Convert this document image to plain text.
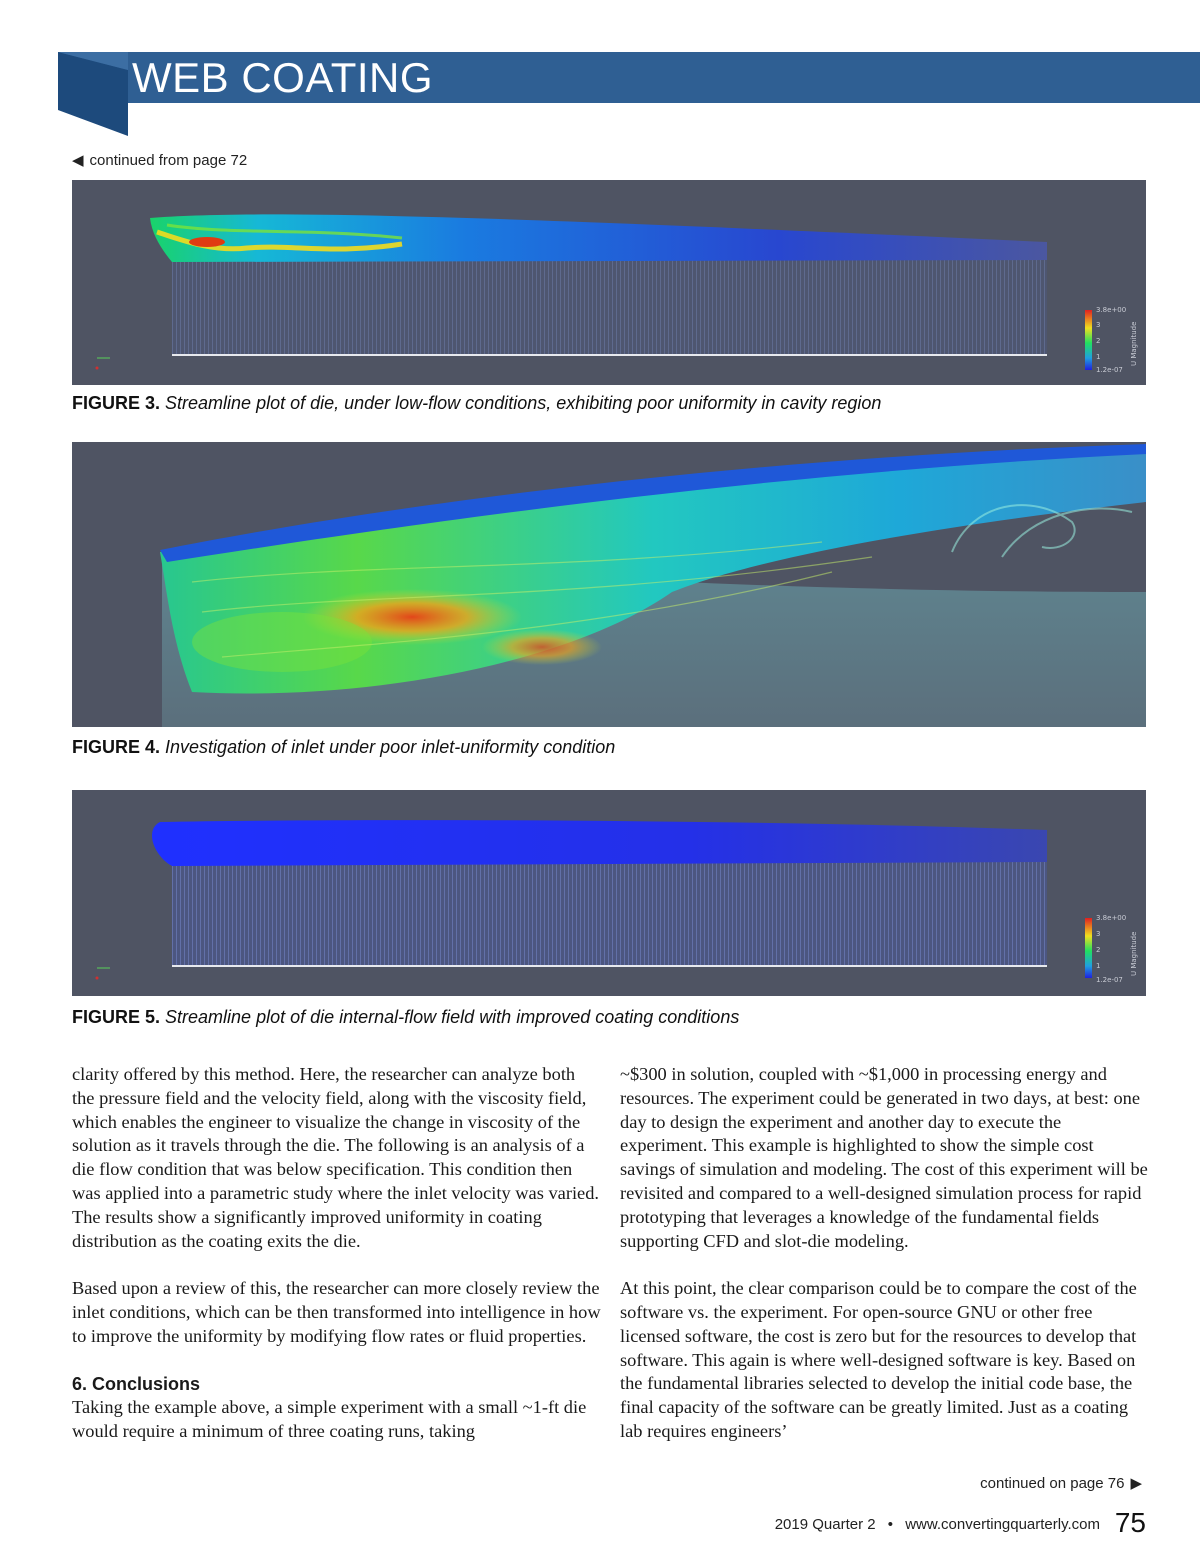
WEB COATING
◀ continued from page 72
3.8e+00
3
2
1
1.2e-07
U Magnitude
FIGURE 3. Streamline plot of die, under low-flow conditions, exhibiting poor uniformity in cavity region
FIGURE 4. Investigation of inlet under poor inlet-uniformity condition
3.8e+00
3
2
1
1.2e-07
U Magnitude
FIGURE 5. Streamline plot of die internal-flow field with improved coating conditions

clarity offered by this method. Here, the researcher can analyze both the pressure field and the velocity field, along with the viscosity field, which enables the engineer to visualize the change in viscosity of the solution as it travels through the die. The following is an analysis of a die flow condition that was below specification. This condition then was applied into a parametric study where the inlet velocity was varied. The results show a significantly improved uniformity in coating distribution as the coating exits the die.

Based upon a review of this, the researcher can more closely review the inlet conditions, which can be then transformed into intelligence in how to improve the uniformity by modifying flow rates or fluid properties.

6. Conclusions

Taking the example above, a simple experiment with a small ~1-ft die would require a minimum of three coating runs, taking

~$300 in solution, coupled with ~$1,000 in processing energy and resources. The experiment could be generated in two days, at best: one day to design the experiment and another day to execute the experiment. This example is highlighted to show the simple cost savings of simulation and modeling. The cost of this experiment will be revisited and compared to a well-designed simulation process for rapid prototyping that leverages a knowledge of the fundamental fields supporting CFD and slot-die modeling.

At this point, the clear comparison could be to compare the cost of the software vs. the experiment. For open-source GNU or other free licensed software, the cost is zero but for the resources to develop that software. This again is where well-designed software is key. Based on the fundamental libraries selected to develop the initial code base, the final capacity of the software can be greatly limited. Just as a coating lab requires engineers’

continued on page 76 ▶
2019 Quarter 2 • www.convertingquarterly.com 75
